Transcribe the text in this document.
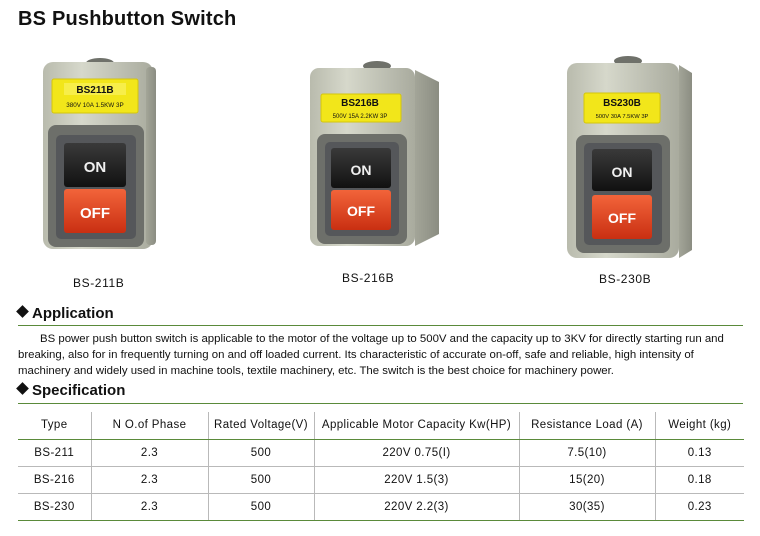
BS Pushbutton Switch
BS211B
380V 10A 1.5KW 3P
ON
OFF
BS-211B
BS216B
500V 15A 2.2KW 3P
ON
OFF
BS-216B
BS230B
500V 30A 7.5KW 3P
ON
OFF
BS-230B
Application
BS power push button switch is applicable to the motor of the voltage up to 500V and the capacity up to 3KV for directly starting run and breaking, also for in frequently turning on and off loaded current. Its characteristic of accurate on-off, safe and reliable, high intensity of machinery and widely used in machine tools, textile machinery, etc. The switch is the best choice for machinery power.
Specification
Type	N O.of Phase	Rated Voltage(V)	Applicable Motor Capacity Kw(HP)	Resistance Load (A)	Weight (kg)
BS-211	2.3	500	220V 0.75(I)	7.5(10)	0.13
BS-216	2.3	500	220V 1.5(3)	15(20)	0.18
BS-230	2.3	500	220V 2.2(3)	30(35)	0.23
